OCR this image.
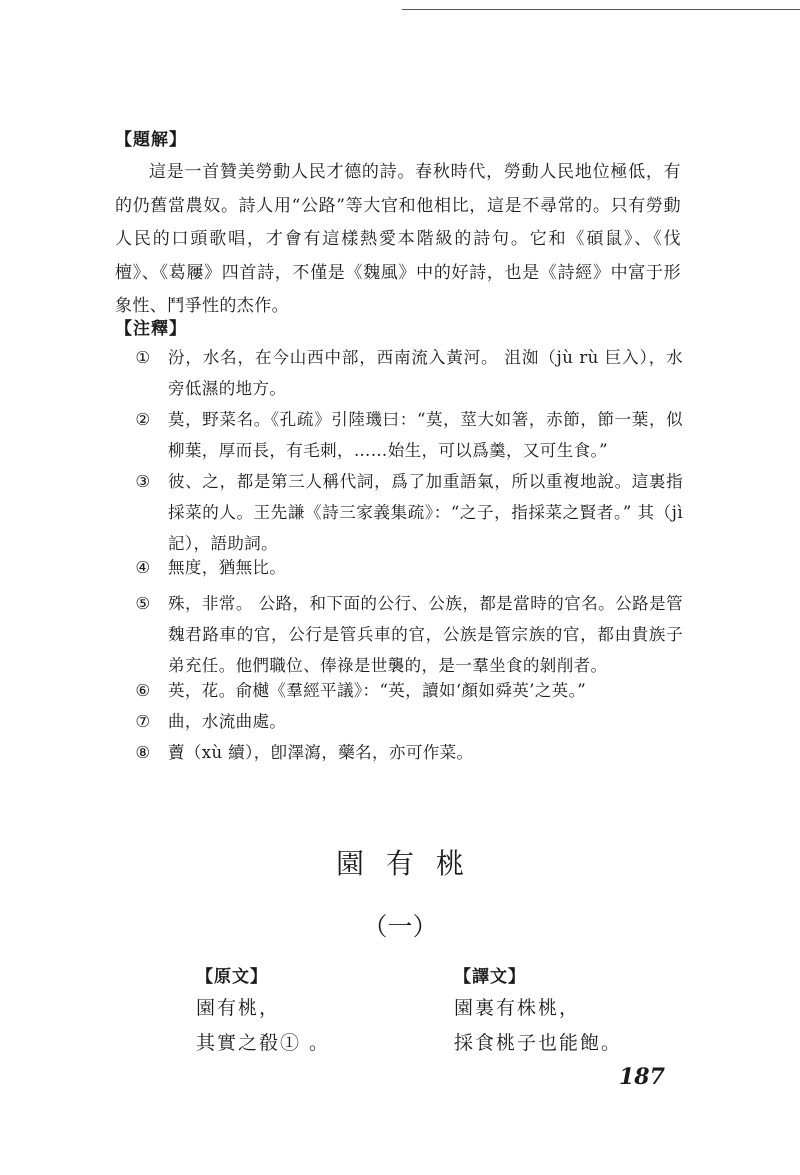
【題解】

這是一首贊美勞動人民才德的詩。春秋時代，勞動人民地位極低，有的仍舊當農奴。詩人用“公路”等大官和他相比，這是不尋常的。只有勞動人民的口頭歌唱，才會有這樣熱愛本階級的詩句。它和《碩鼠》、《伐檀》、《葛屨》四首詩，不僅是《魏風》中的好詩，也是《詩經》中富于形象性、鬥爭性的杰作。

【注釋】
① 汾，水名，在今山西中部，西南流入黃河。 沮洳（jù rù 巨入），水旁低濕的地方。
② 莫，野菜名。《孔疏》引陸璣曰：“莫，莖大如箸，赤節，節一葉，似柳葉，厚而長，有毛刺，……始生，可以爲羹，又可生食。”
③ 彼、之，都是第三人稱代詞，爲了加重語氣，所以重複地說。這裏指採菜的人。王先謙《詩三家義集疏》：“之子，指採菜之賢者。” 其（jì 記），語助詞。
④ 無度，猶無比。
⑤ 殊，非常。 公路，和下面的公行、公族，都是當時的官名。公路是管魏君路車的官，公行是管兵車的官，公族是管宗族的官，都由貴族子弟充任。他們職位、俸祿是世襲的，是一羣坐食的剝削者。
⑥ 英，花。俞樾《羣經平議》：“英，讀如‘顏如舜英’之英。”
⑦ 曲，水流曲處。
⑧ 藚（xù 續），卽澤瀉，藥名，亦可作菜。
園有桃
（一）
【原文】	【譯文】
園有桃，
其實之殽① 。
園裏有株桃，
採食桃子也能飽。
187
